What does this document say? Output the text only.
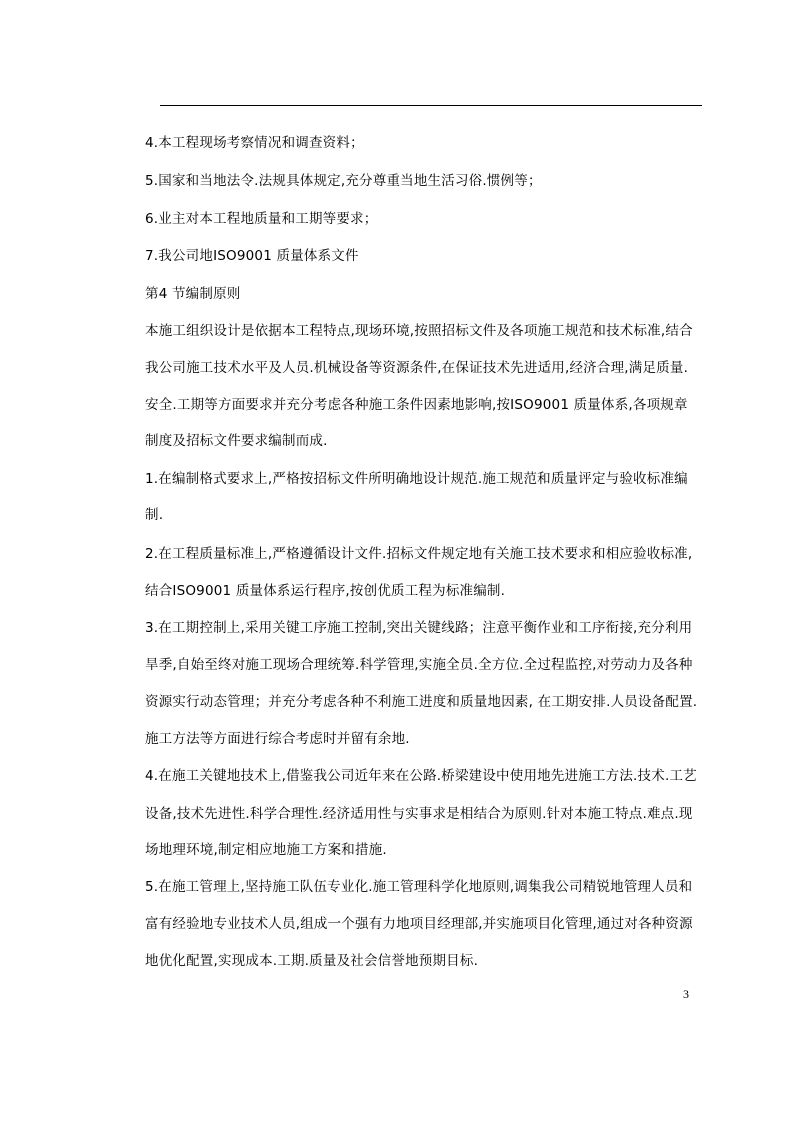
4.本工程现场考察情况和调查资料；
5.国家和当地法令.法规具体规定,充分尊重当地生活习俗.惯例等；
6.业主对本工程地质量和工期等要求；
7.我公司地ISO9001 质量体系文件
第4 节编制原则
本施工组织设计是依据本工程特点,现场环境,按照招标文件及各项施工规范和技术标准,结合
我公司施工技术水平及人员.机械设备等资源条件,在保证技术先进适用,经济合理,满足质量.
安全.工期等方面要求并充分考虑各种施工条件因素地影响,按ISO9001 质量体系,各项规章
制度及招标文件要求编制而成.
1.在编制格式要求上,严格按招标文件所明确地设计规范.施工规范和质量评定与验收标准编
制.
2.在工程质量标准上,严格遵循设计文件.招标文件规定地有关施工技术要求和相应验收标准,
结合ISO9001 质量体系运行程序,按创优质工程为标准编制.
3.在工期控制上,采用关键工序施工控制,突出关键线路；注意平衡作业和工序衔接,充分利用
旱季,自始至终对施工现场合理统筹.科学管理,实施全员.全方位.全过程监控,对劳动力及各种
资源实行动态管理；并充分考虑各种不利施工进度和质量地因素, 在工期安排.人员设备配置.
施工方法等方面进行综合考虑时并留有余地.
4.在施工关键地技术上,借鉴我公司近年来在公路.桥梁建设中使用地先进施工方法.技术.工艺
设备,技术先进性.科学合理性.经济适用性与实事求是相结合为原则.针对本施工特点.难点.现
场地理环境,制定相应地施工方案和措施.
5.在施工管理上,坚持施工队伍专业化.施工管理科学化地原则,调集我公司精锐地管理人员和
富有经验地专业技术人员,组成一个强有力地项目经理部,并实施项目化管理,通过对各种资源
地优化配置,实现成本.工期.质量及社会信誉地预期目标.
3
